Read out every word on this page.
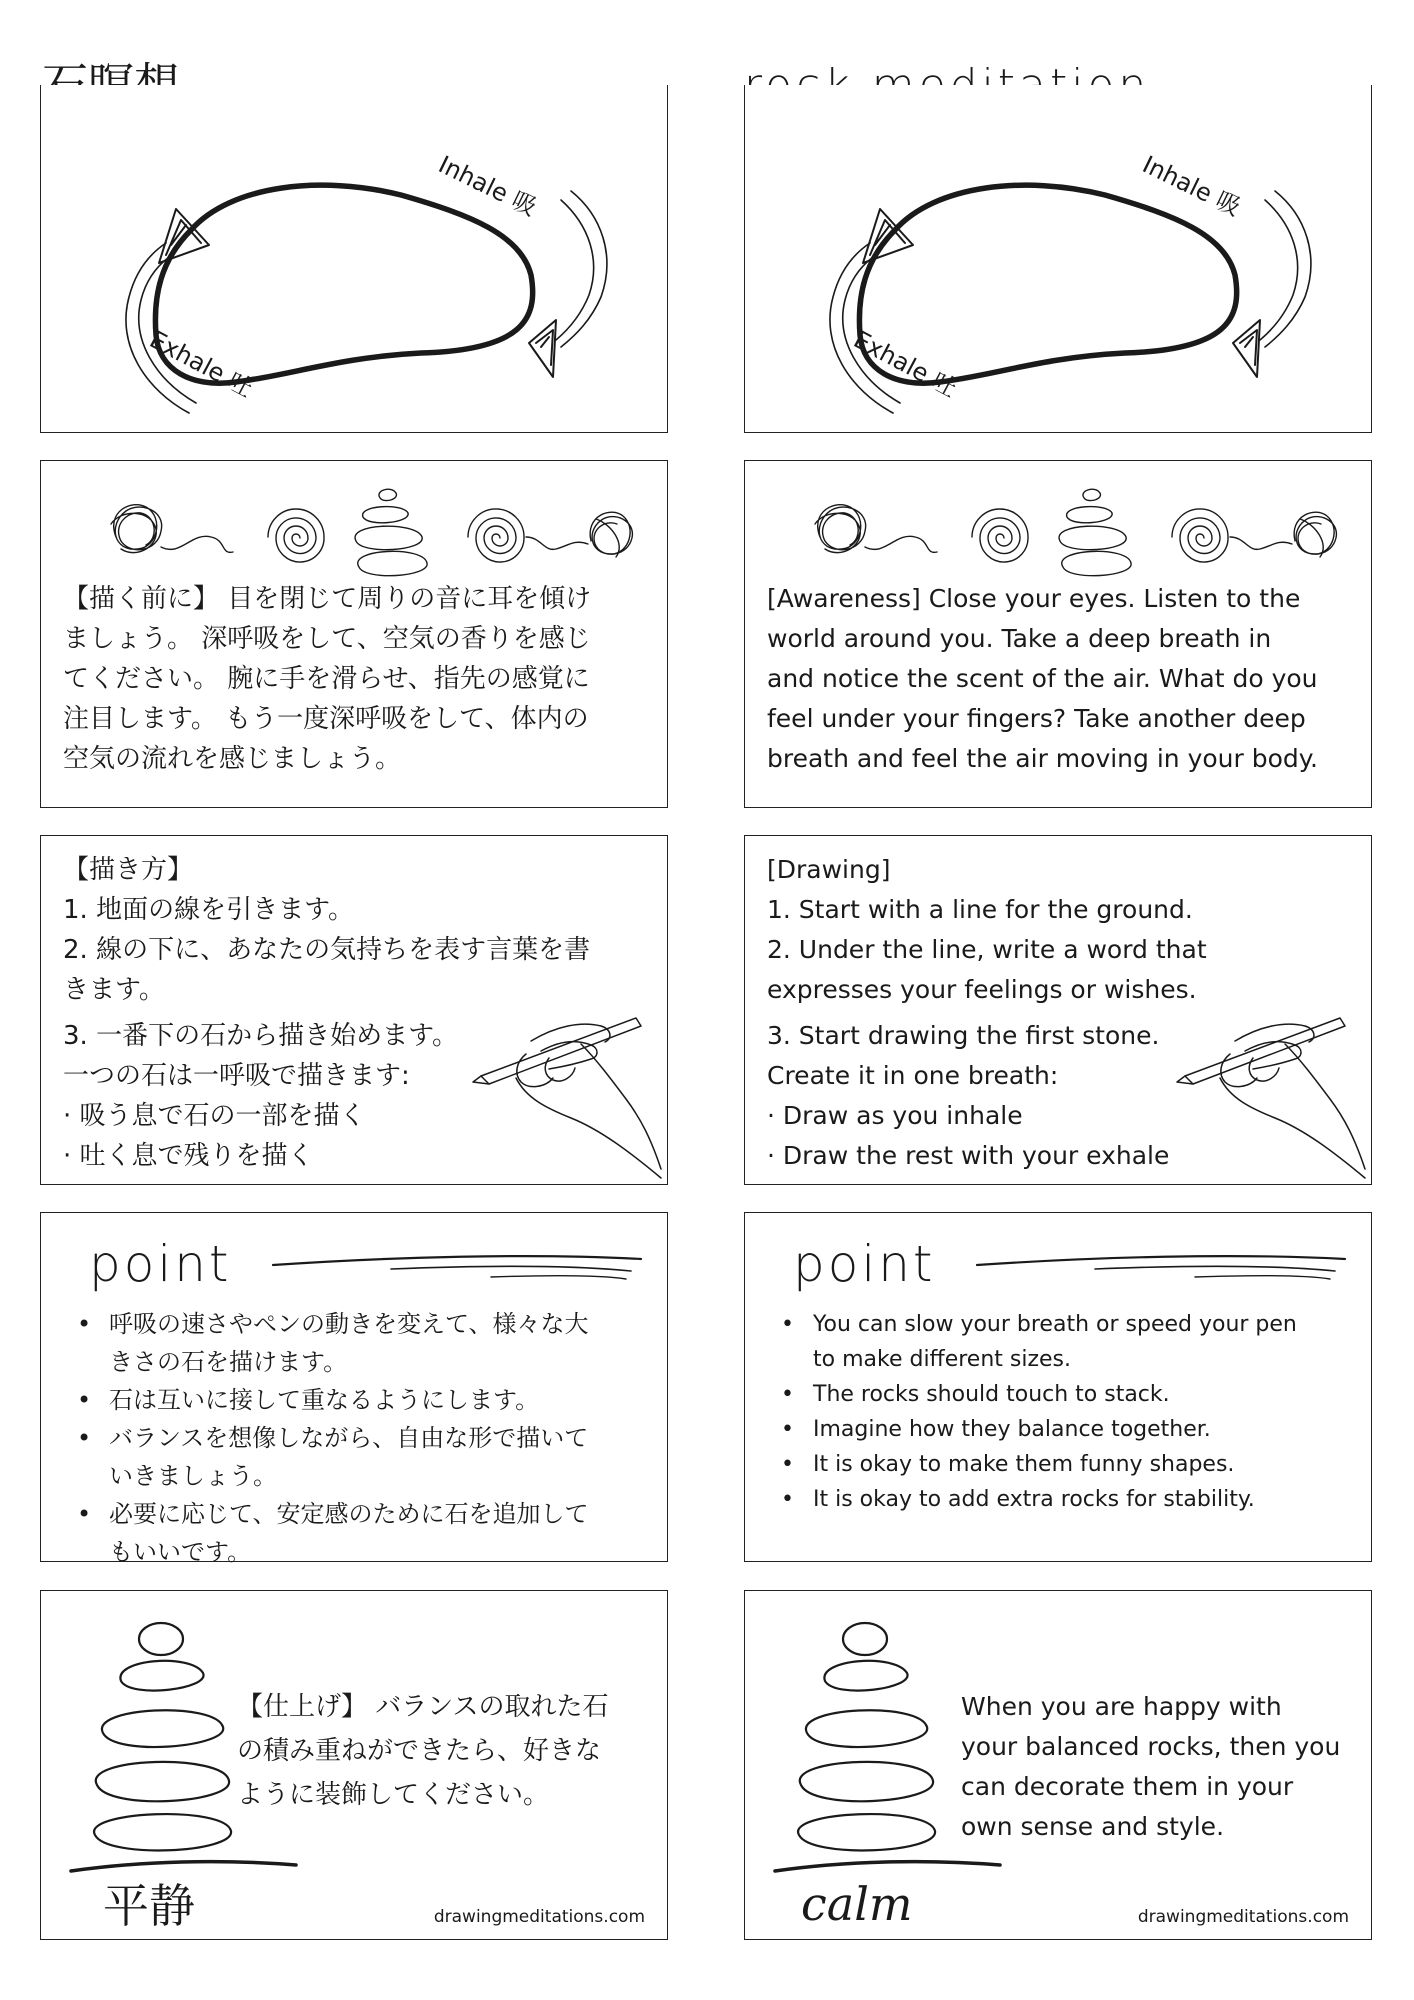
Inhale 吸
Exhale 吐
【描く前に】 目を閉じて周りの音に耳を傾け
ましょう。 深呼吸をして、空気の香りを感じ
てください。 腕に手を滑らせ、指先の感覚に
注目します。 もう一度深呼吸をして、体内の
空気の流れを感じましょう。
【描き方】
1. 地面の線を引きます。
2. 線の下に、あなたの気持ちを表す言葉を書
きます。
3. 一番下の石から描き始めます。
一つの石は一呼吸で描きます:
· 吸う息で石の一部を描く
· 吐く息で残りを描く
point
• 呼吸の速さやペンの動きを変えて、様々な大
きさの石を描けます。
• 石は互いに接して重なるようにします。
• バランスを想像しながら、自由な形で描いて
いきましょう。
• 必要に応じて、安定感のために石を追加して
もいいです。
【仕上げ】 バランスの取れた石
の積み重ねができたら、好きな
ように装飾してください。
平静	drawingmeditations.com
Inhale 吸
Exhale 吐
[Awareness] Close your eyes. Listen to the
world around you. Take a deep breath in
and notice the scent of the air. What do you
feel under your fingers? Take another deep
breath and feel the air moving in your body.
[Drawing]
1. Start with a line for the ground.
2. Under the line, write a word that
expresses your feelings or wishes.
3. Start drawing the first stone.
Create it in one breath:
· Draw as you inhale
· Draw the rest with your exhale
point
• You can slow your breath or speed your pen
to make different sizes.
• The rocks should touch to stack.
• Imagine how they balance together.
• It is okay to make them funny shapes.
• It is okay to add extra rocks for stability.
When you are happy with
your balanced rocks, then you
can decorate them in your
own sense and style.
calm	drawingmeditations.com
